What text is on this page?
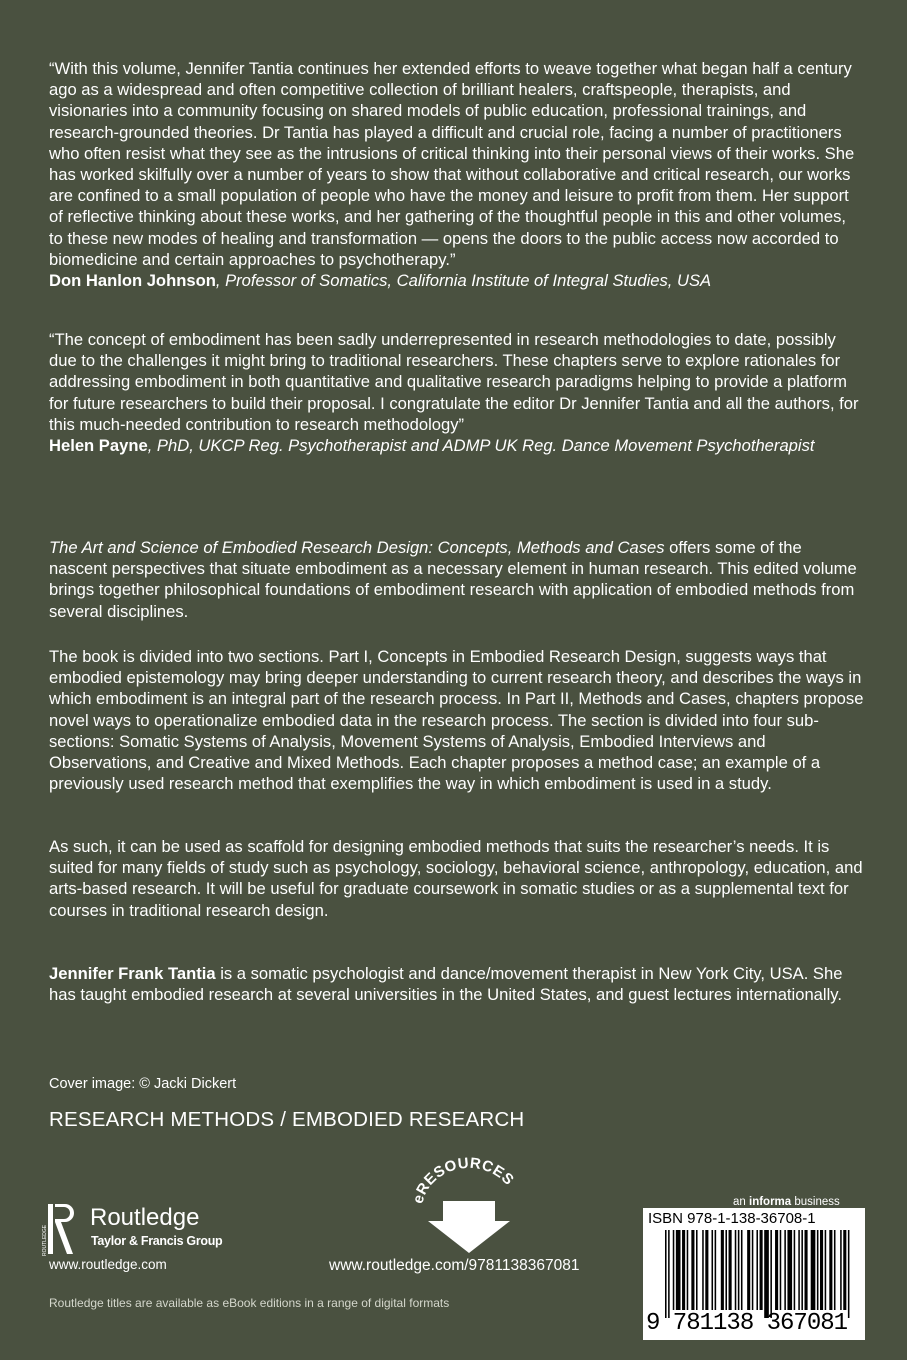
“With this volume, Jennifer Tantia continues her extended efforts to weave together what began half a century ago as a widespread and often competitive collection of brilliant healers, craftspeople, therapists, and visionaries into a community focusing on shared models of public education, professional trainings, and research-grounded theories. Dr Tantia has played a difficult and crucial role, facing a number of practitioners who often resist what they see as the intrusions of critical thinking into their personal views of their works. She has worked skilfully over a number of years to show that without collaborative and critical research, our works are confined to a small population of people who have the money and leisure to profit from them. Her support of reflective thinking about these works, and her gathering of the thoughtful people in this and other volumes, to these new modes of healing and transformation — opens the doors to the public access now accorded to biomedicine and certain approaches to psychotherapy.”

Don Hanlon Johnson, Professor of Somatics, California Institute of Integral Studies, USA

“The concept of embodiment has been sadly underrepresented in research methodologies to date, possibly due to the challenges it might bring to traditional researchers. These chapters serve to explore rationales for addressing embodiment in both quantitative and qualitative research paradigms helping to provide a platform for future researchers to build their proposal. I congratulate the editor Dr Jennifer Tantia and all the authors, for this much-needed contribution to research methodology”

Helen Payne, PhD, UKCP Reg. Psychotherapist and ADMP UK Reg. Dance Movement Psychotherapist

The Art and Science of Embodied Research Design: Concepts, Methods and Cases offers some of the nascent perspectives that situate embodiment as a necessary element in human research. This edited volume brings together philosophical foundations of embodiment research with application of embodied methods from several disciplines.

The book is divided into two sections. Part I, Concepts in Embodied Research Design, suggests ways that embodied epistemology may bring deeper understanding to current research theory, and describes the ways in which embodiment is an integral part of the research process. In Part II, Methods and Cases, chapters propose novel ways to operationalize embodied data in the research process. The section is divided into four sub-sections: Somatic Systems of Analysis, Movement Systems of Analysis, Embodied Interviews and Observations, and Creative and Mixed Methods. Each chapter proposes a method case; an example of a previously used research method that exemplifies the way in which embodiment is used in a study.

As such, it can be used as scaffold for designing embodied methods that suits the researcher’s needs. It is suited for many fields of study such as psychology, sociology, behavioral science, anthropology, education, and arts-based research. It will be useful for graduate coursework in somatic studies or as a supplemental text for courses in traditional research design.

Jennifer Frank Tantia is a somatic psychologist and dance/movement therapist in New York City, USA. She has taught embodied research at several universities in the United States, and guest lectures internationally.

Cover image: © Jacki Dickert
RESEARCH METHODS / EMBODIED RESEARCH
ROUTLEDGE
Routledge
Taylor & Francis Group
www.routledge.com
Routledge titles are available as eBook editions in a range of digital formats
eRESOURCES
www.routledge.com/9781138367081
an informa business
ISBN 978-1-138-36708-1
9 781138 367081
